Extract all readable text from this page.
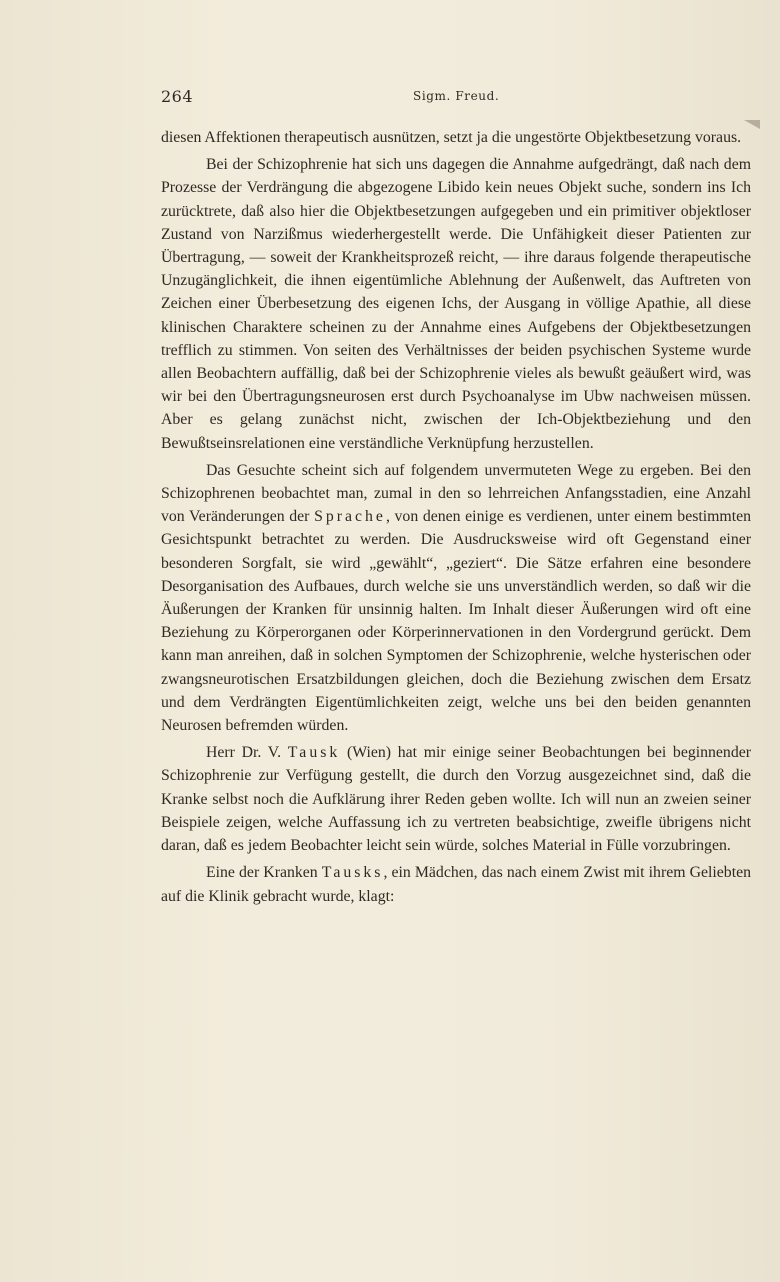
264	Sigm. Freud.

diesen Affektionen therapeutisch ausnützen, setzt ja die ungestörte Objektbesetzung voraus.

Bei der Schizophrenie hat sich uns dagegen die Annahme aufgedrängt, daß nach dem Prozesse der Verdrängung die abgezogene Libido kein neues Objekt suche, sondern ins Ich zurücktrete, daß also hier die Objektbesetzungen aufgegeben und ein primitiver objektloser Zustand von Narzißmus wiederhergestellt werde. Die Unfähigkeit dieser Patienten zur Übertragung, — soweit der Krankheitsprozeß reicht, — ihre daraus folgende therapeutische Unzugänglichkeit, die ihnen eigentümliche Ablehnung der Außenwelt, das Auftreten von Zeichen einer Überbesetzung des eigenen Ichs, der Ausgang in völlige Apathie, all diese klinischen Charaktere scheinen zu der Annahme eines Aufgebens der Objektbesetzungen trefflich zu stimmen. Von seiten des Verhältnisses der beiden psychischen Systeme wurde allen Beobachtern auffällig, daß bei der Schizophrenie vieles als bewußt geäußert wird, was wir bei den Übertragungsneurosen erst durch Psychoanalyse im Ubw nachweisen müssen. Aber es gelang zunächst nicht, zwischen der Ich-Objektbeziehung und den Bewußtseinsrelationen eine verständliche Verknüpfung herzustellen.

Das Gesuchte scheint sich auf folgendem unvermuteten Wege zu ergeben. Bei den Schizophrenen beobachtet man, zumal in den so lehrreichen Anfangsstadien, eine Anzahl von Veränderungen der Sprache, von denen einige es verdienen, unter einem bestimmten Gesichtspunkt betrachtet zu werden. Die Ausdrucksweise wird oft Gegenstand einer besonderen Sorgfalt, sie wird „gewählt“, „geziert“. Die Sätze erfahren eine besondere Desorganisation des Aufbaues, durch welche sie uns unverständlich werden, so daß wir die Äußerungen der Kranken für unsinnig halten. Im Inhalt dieser Äußerungen wird oft eine Beziehung zu Körperorganen oder Körperinnervationen in den Vordergrund gerückt. Dem kann man anreihen, daß in solchen Symptomen der Schizophrenie, welche hysterischen oder zwangsneurotischen Ersatzbildungen gleichen, doch die Beziehung zwischen dem Ersatz und dem Verdrängten Eigentümlichkeiten zeigt, welche uns bei den beiden genannten Neurosen befremden würden.

Herr Dr. V. Tausk (Wien) hat mir einige seiner Beobachtungen bei beginnender Schizophrenie zur Verfügung gestellt, die durch den Vorzug ausgezeichnet sind, daß die Kranke selbst noch die Aufklärung ihrer Reden geben wollte. Ich will nun an zweien seiner Beispiele zeigen, welche Auffassung ich zu vertreten beabsichtige, zweifle übrigens nicht daran, daß es jedem Beobachter leicht sein würde, solches Material in Fülle vorzubringen.

Eine der Kranken Tausks, ein Mädchen, das nach einem Zwist mit ihrem Geliebten auf die Klinik gebracht wurde, klagt:
